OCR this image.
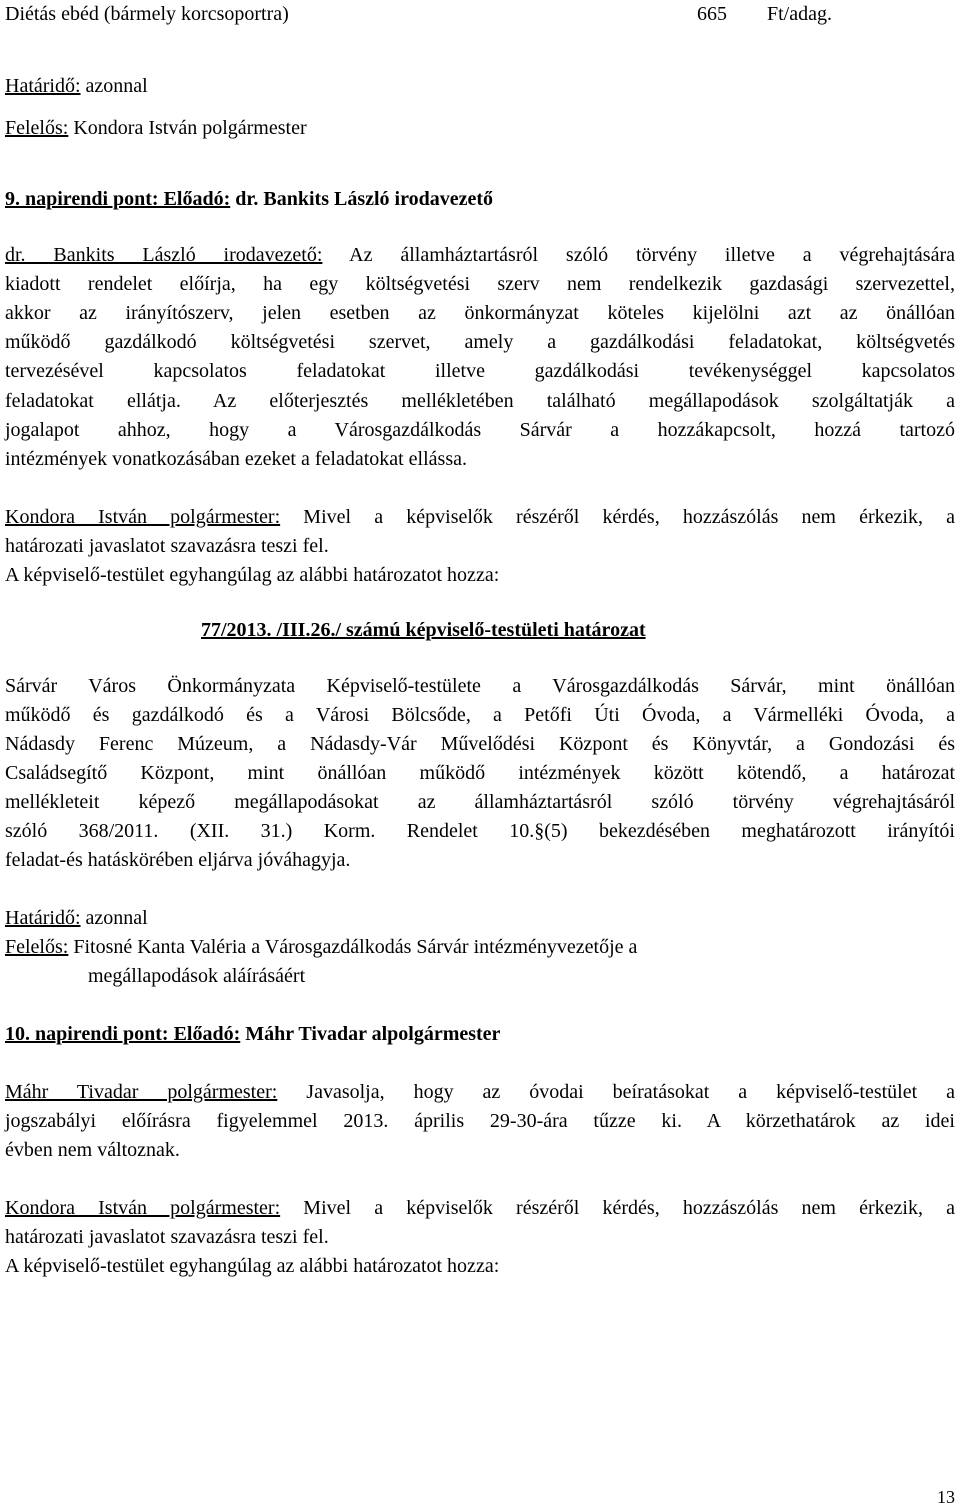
Diétás ebéd (bármely korcsoportra)	665 Ft/adag.
Határidő: azonnal
Felelős: Kondora István polgármester
9. napirendi pont: Előadó: dr. Bankits László irodavezető
dr. Bankits László irodavezető: Az államháztartásról szóló törvény illetve a végrehajtására
kiadott rendelet előírja, ha egy költségvetési szerv nem rendelkezik gazdasági szervezettel,
akkor az irányítószerv, jelen esetben az önkormányzat köteles kijelölni azt az önállóan
működő gazdálkodó költségvetési szervet, amely a gazdálkodási feladatokat, költségvetés
tervezésével kapcsolatos feladatokat illetve gazdálkodási tevékenységgel kapcsolatos
feladatokat ellátja. Az előterjesztés mellékletében található megállapodások szolgáltatják a
jogalapot ahhoz, hogy a Városgazdálkodás Sárvár a hozzákapcsolt, hozzá tartozó
intézmények vonatkozásában ezeket a feladatokat ellássa.
Kondora István polgármester: Mivel a képviselők részéről kérdés, hozzászólás nem érkezik, a
határozati javaslatot szavazásra teszi fel.
A képviselő-testület egyhangúlag az alábbi határozatot hozza:
77/2013. /III.26./ számú képviselő-testületi határozat
Sárvár Város Önkormányzata Képviselő-testülete a Városgazdálkodás Sárvár, mint önállóan
működő és gazdálkodó és a Városi Bölcsőde, a Petőfi Úti Óvoda, a Vármelléki Óvoda, a
Nádasdy Ferenc Múzeum, a Nádasdy-Vár Művelődési Központ és Könyvtár, a Gondozási és
Családsegítő Központ, mint önállóan működő intézmények között kötendő, a határozat
mellékleteit képező megállapodásokat az államháztartásról szóló törvény végrehajtásáról
szóló 368/2011. (XII. 31.) Korm. Rendelet 10.§(5) bekezdésében meghatározott irányítói
feladat-és hatáskörében eljárva jóváhagyja.
Határidő: azonnal
Felelős: Fitosné Kanta Valéria a Városgazdálkodás Sárvár intézményvezetője a
megállapodások aláírásáért
10. napirendi pont: Előadó: Máhr Tivadar alpolgármester
Máhr Tivadar polgármester: Javasolja, hogy az óvodai beíratásokat a képviselő-testület a
jogszabályi előírásra figyelemmel 2013. április 29-30-ára tűzze ki. A körzethatárok az idei
évben nem változnak.
Kondora István polgármester: Mivel a képviselők részéről kérdés, hozzászólás nem érkezik, a
határozati javaslatot szavazásra teszi fel.
A képviselő-testület egyhangúlag az alábbi határozatot hozza:
13
